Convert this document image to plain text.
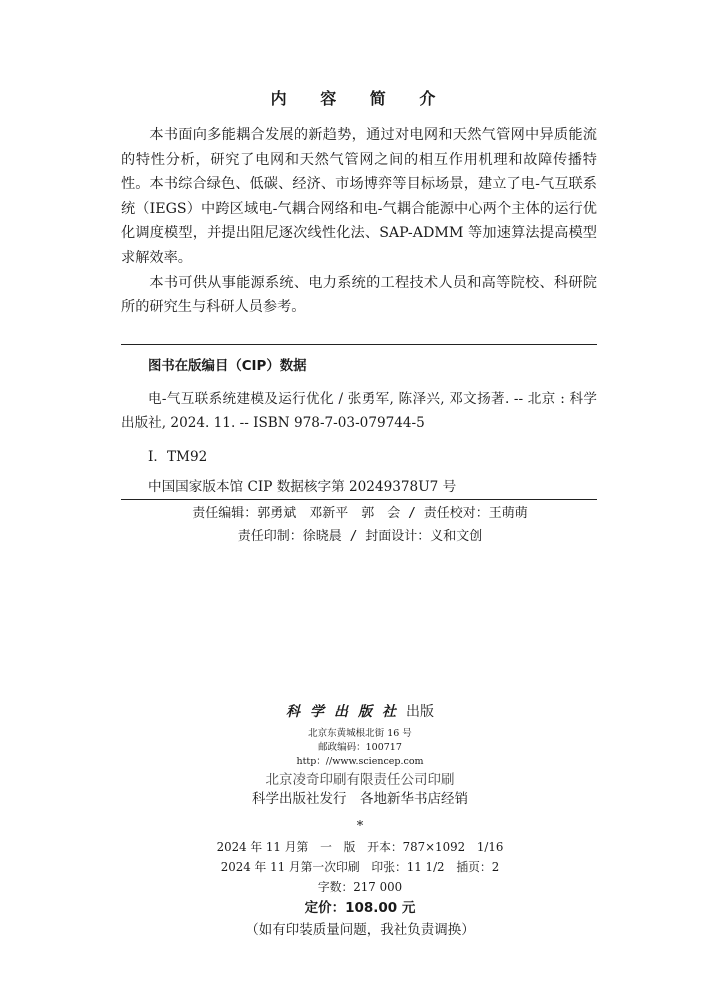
内 容 简 介

本书面向多能耦合发展的新趋势，通过对电网和天然气管网中异质能流的特性分析，研究了电网和天然气管网之间的相互作用机理和故障传播特性。本书综合绿色、低碳、经济、市场博弈等目标场景，建立了电-气互联系统（IEGS）中跨区域电-气耦合网络和电-气耦合能源中心两个主体的运行优化调度模型，并提出阻尼逐次线性化法、SAP-ADMM 等加速算法提高模型求解效率。

本书可供从事能源系统、电力系统的工程技术人员和高等院校、科研院所的研究生与科研人员参考。

图书在版编目（CIP）数据
电-气互联系统建模及运行优化 / 张勇军, 陈泽兴, 邓文扬著. -- 北京 : 科学出版社, 2024. 11. -- ISBN 978-7-03-079744-5
Ⅰ．TM92
中国国家版本馆 CIP 数据核字第 20249378U7 号
责任编辑：郭勇斌　邓新平　郭　会 / 责任校对：王萌萌
责任印制：徐晓晨 / 封面设计：义和文创
科学出版社出版
北京东黄城根北街 16 号
邮政编码：100717
http：//www.sciencep.com
北京凌奇印刷有限责任公司印刷
科学出版社发行　各地新华书店经销
*
2024 年 11 月第　一　版　开本：787×1092　1/16
2024 年 11 月第一次印刷　印张：11 1/2　插页：2
字数：217 000
定价：108.00 元
（如有印装质量问题，我社负责调换）
